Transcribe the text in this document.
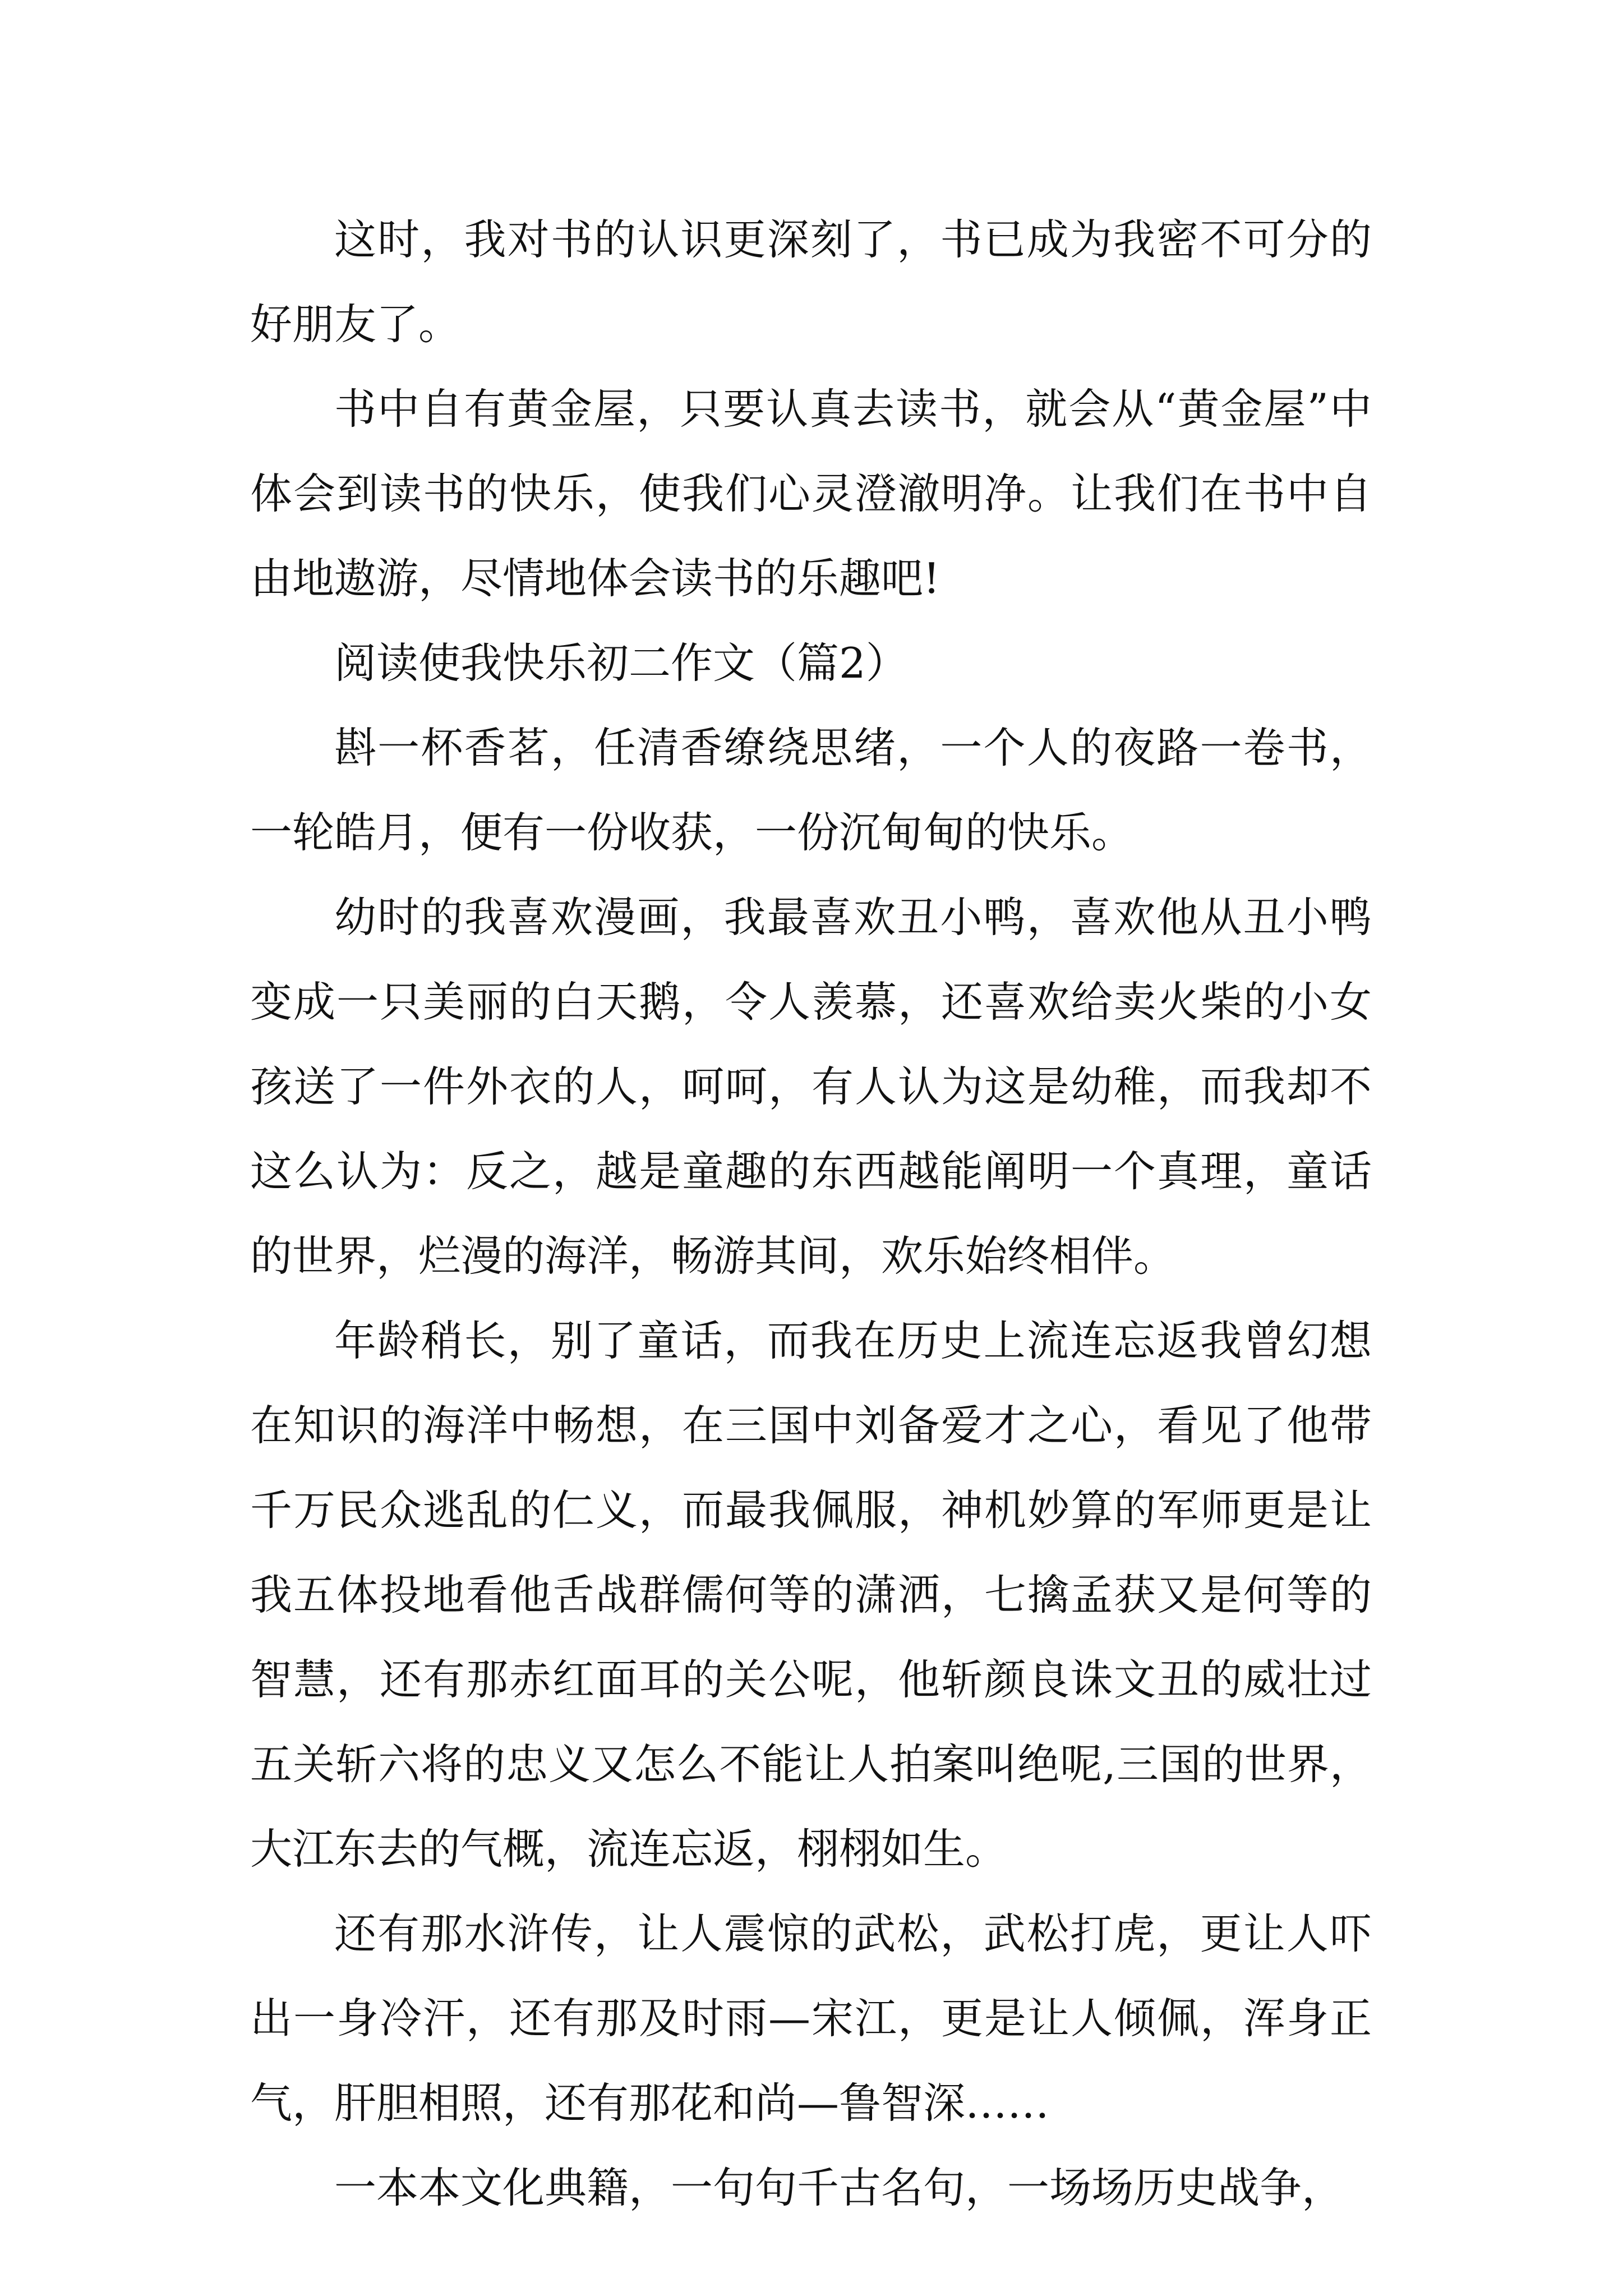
这时，我对书的认识更深刻了，书已成为我密不可分的好朋友了。

书中自有黄金屋，只要认真去读书，就会从“黄金屋”中体会到读书的快乐，使我们心灵澄澈明净。让我们在书中自由地遨游，尽情地体会读书的乐趣吧!

阅读使我快乐初二作文（篇2）

斟一杯香茗，任清香缭绕思绪，一个人的夜路一卷书，一轮皓月，便有一份收获，一份沉甸甸的快乐。

幼时的我喜欢漫画，我最喜欢丑小鸭，喜欢他从丑小鸭变成一只美丽的白天鹅，令人羡慕，还喜欢给卖火柴的小女孩送了一件外衣的人，呵呵，有人认为这是幼稚，而我却不这么认为：反之，越是童趣的东西越能阐明一个真理，童话的世界，烂漫的海洋，畅游其间，欢乐始终相伴。

年龄稍长，别了童话，而我在历史上流连忘返我曾幻想在知识的海洋中畅想，在三国中刘备爱才之心，看见了他带千万民众逃乱的仁义，而最我佩服，神机妙算的军师更是让我五体投地看他舌战群儒何等的潇洒，七擒孟获又是何等的智慧，还有那赤红面耳的关公呢，他斩颜良诛文丑的威壮过五关斩六将的忠义又怎么不能让人拍案叫绝呢,三国的世界，大江东去的气概，流连忘返，栩栩如生。

还有那水浒传，让人震惊的武松，武松打虎，更让人吓出一身冷汗，还有那及时雨—宋江，更是让人倾佩，浑身正气，肝胆相照，还有那花和尚—鲁智深……

一本本文化典籍，一句句千古名句，一场场历史战争，
